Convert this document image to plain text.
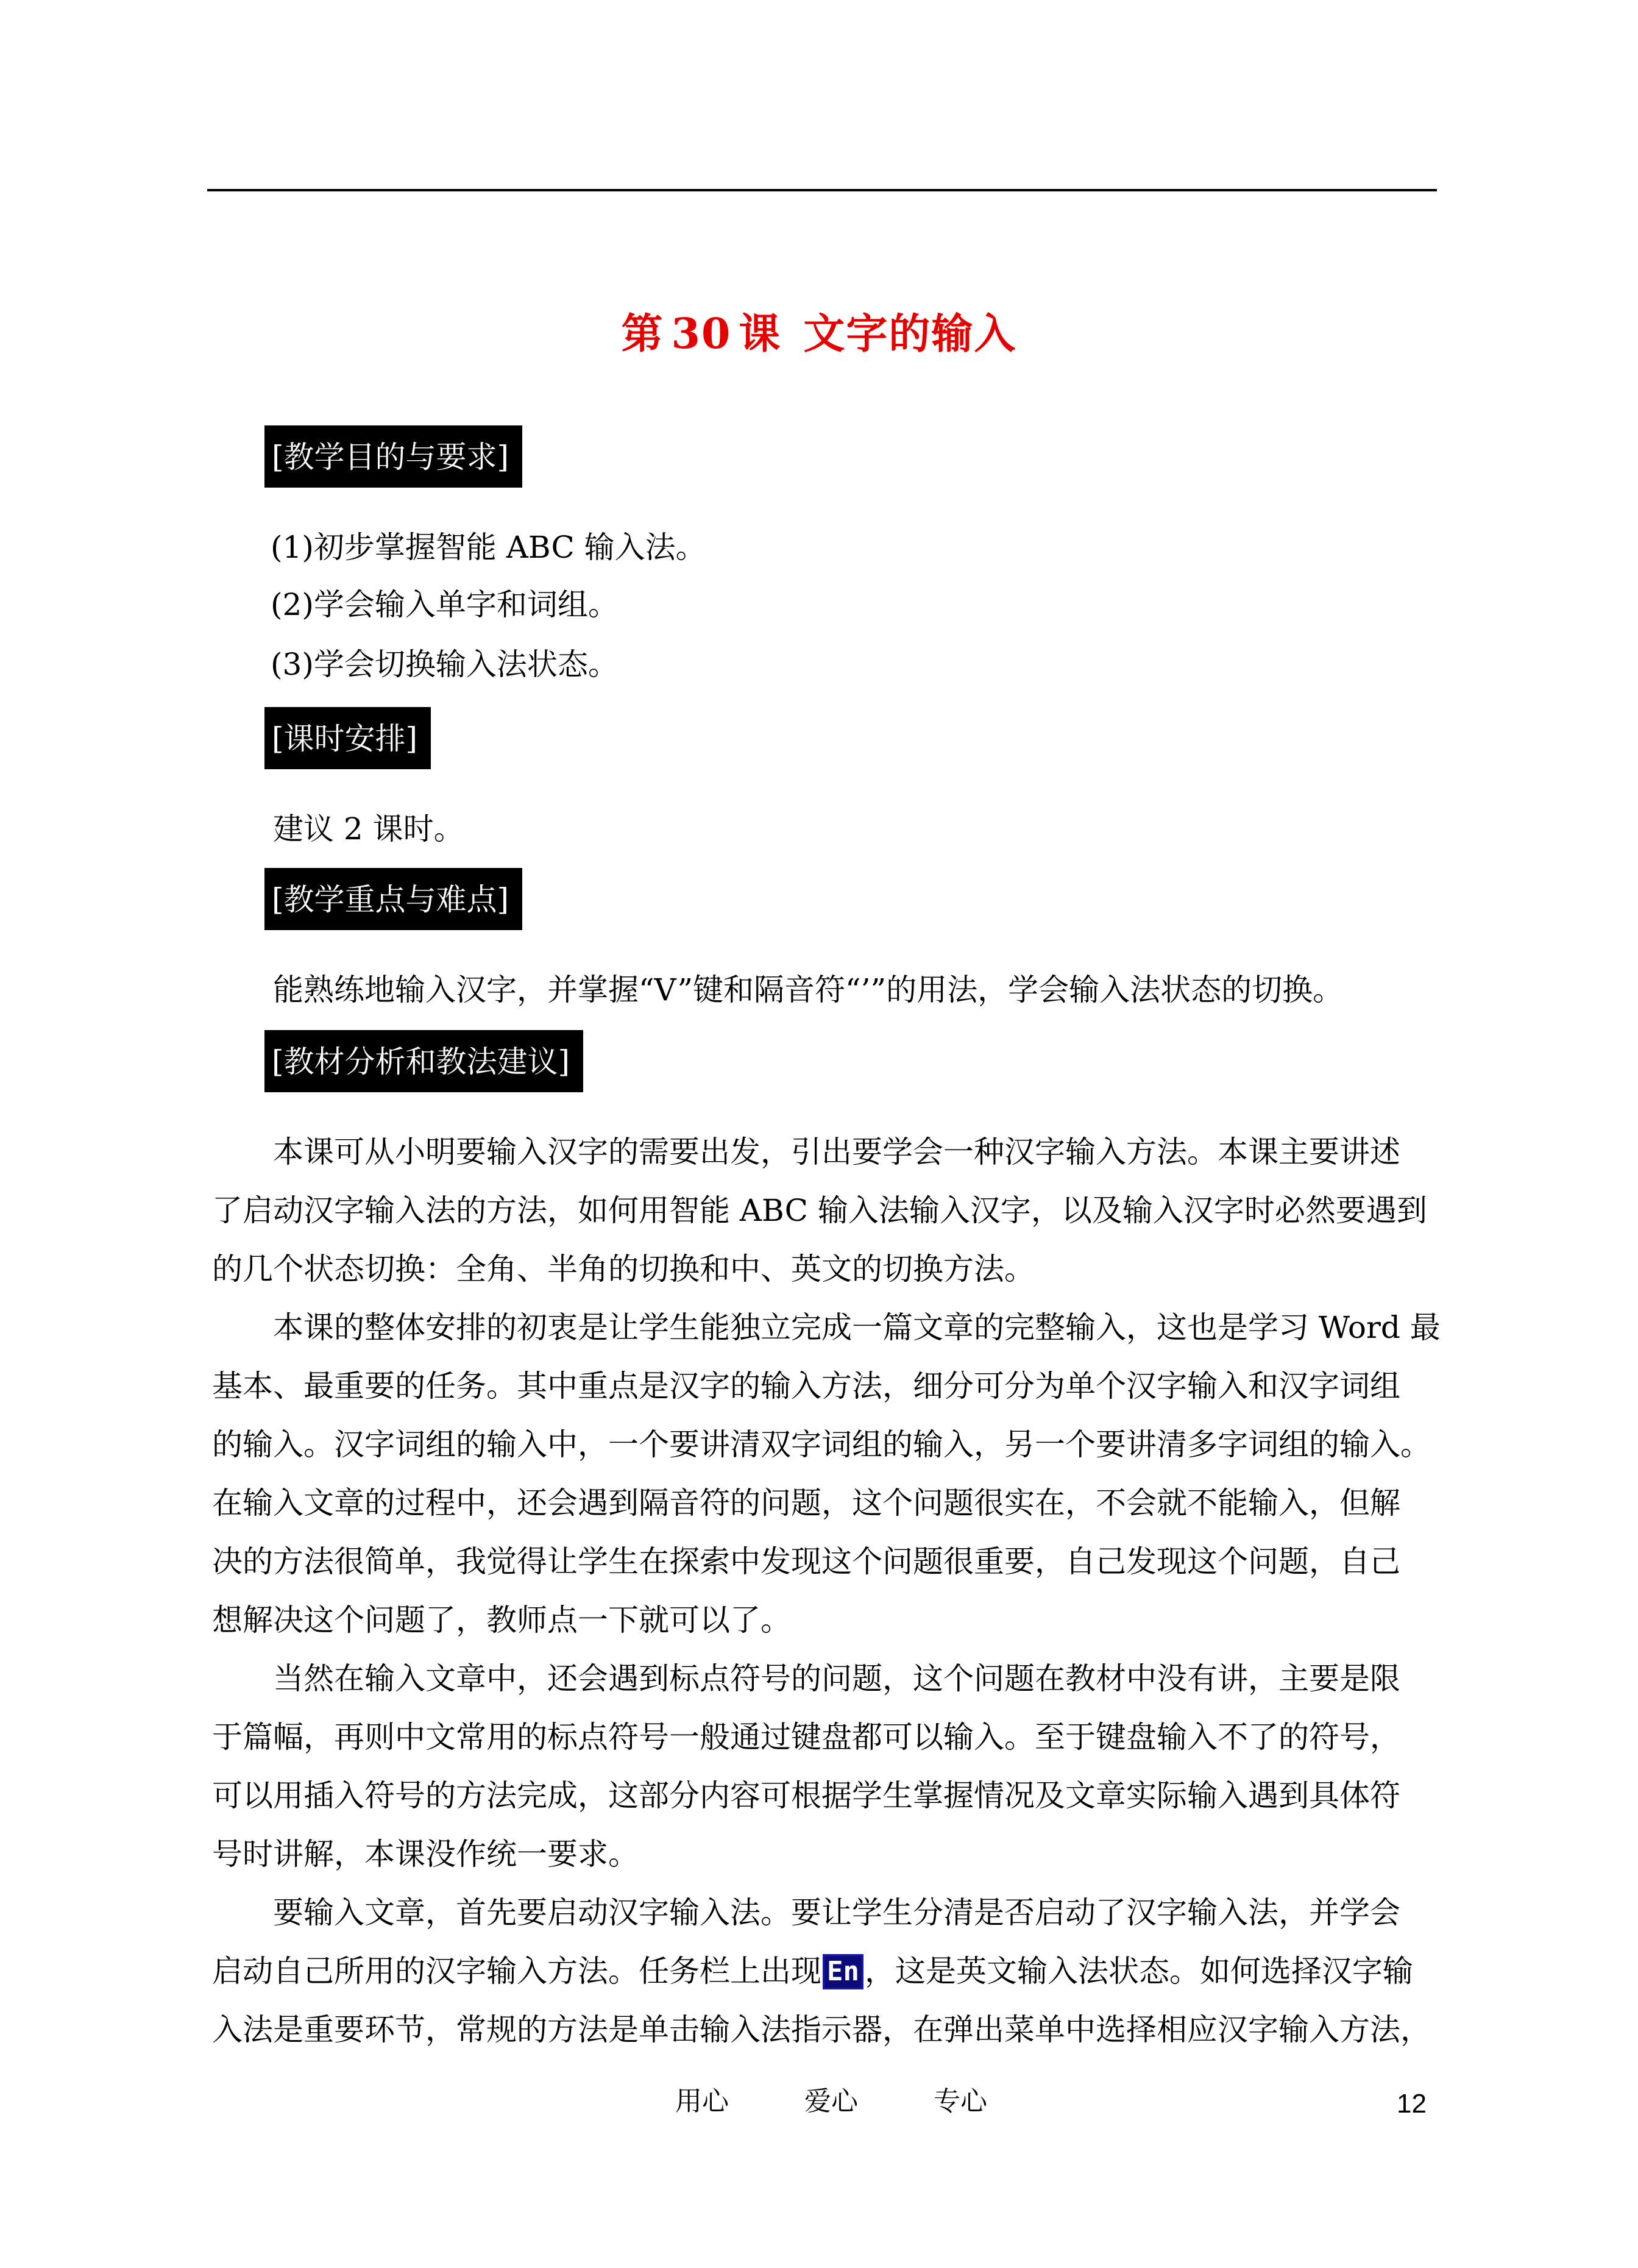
第 30 课 文字的输入
[教学目的与要求]
(1)初步掌握智能 ABC 输入法。
(2)学会输入单字和词组。
(3)学会切换输入法状态。
[课时安排]
建议 2 课时。
[教学重点与难点]
能熟练地输入汉字，并掌握“V”键和隔音符“’”的用法，学会输入法状态的切换。
[教材分析和教法建议]
本课可从小明要输入汉字的需要出发，引出要学会一种汉字输入方法。本课主要讲述
了启动汉字输入法的方法，如何用智能 ABC 输入法输入汉字，以及输入汉字时必然要遇到
的几个状态切换：全角、半角的切换和中、英文的切换方法。
本课的整体安排的初衷是让学生能独立完成一篇文章的完整输入，这也是学习 Word 最
基本、最重要的任务。其中重点是汉字的输入方法，细分可分为单个汉字输入和汉字词组
的输入。汉字词组的输入中，一个要讲清双字词组的输入，另一个要讲清多字词组的输入。
在输入文章的过程中，还会遇到隔音符的问题，这个问题很实在，不会就不能输入，但解
决的方法很简单，我觉得让学生在探索中发现这个问题很重要，自己发现这个问题，自己
想解决这个问题了，教师点一下就可以了。
当然在输入文章中，还会遇到标点符号的问题，这个问题在教材中没有讲，主要是限
于篇幅，再则中文常用的标点符号一般通过键盘都可以输入。至于键盘输入不了的符号，
可以用插入符号的方法完成，这部分内容可根据学生掌握情况及文章实际输入遇到具体符
号时讲解，本课没作统一要求。
要输入文章，首先要启动汉字输入法。要让学生分清是否启动了汉字输入法，并学会
启动自己所用的汉字输入方法。任务栏上出现 En ，这是英文输入法状态。如何选择汉字输
入法是重要环节，常规的方法是单击输入法指示器，在弹出菜单中选择相应汉字输入方法，
用心	爱心	专心	12
